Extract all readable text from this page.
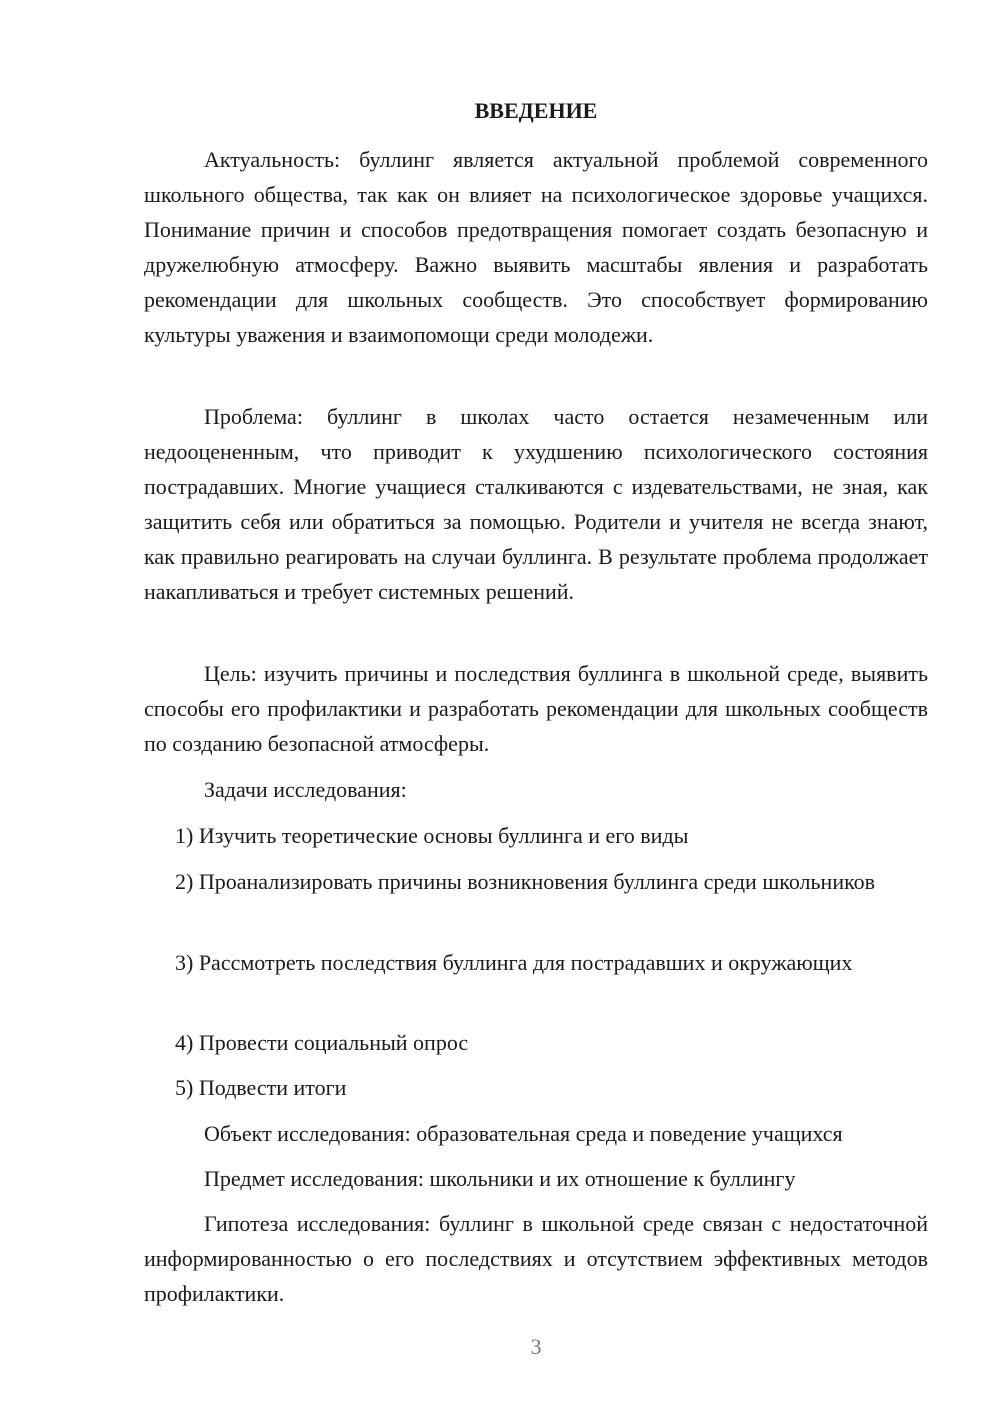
ВВЕДЕНИЕ

Актуальность: буллинг является актуальной проблемой современного школьного общества, так как он влияет на психологическое здоровье учащихся. Понимание причин и способов предотвращения помогает создать безопасную и дружелюбную атмосферу. Важно выявить масштабы явления и разработать рекомендации для школьных сообществ. Это способствует формированию культуры уважения и взаимопомощи среди молодежи.

Проблема: буллинг в школах часто остается незамеченным или недооцененным, что приводит к ухудшению психологического состояния пострадавших. Многие учащиеся сталкиваются с издевательствами, не зная, как защитить себя или обратиться за помощью. Родители и учителя не всегда знают, как правильно реагировать на случаи буллинга. В результате проблема продолжает накапливаться и требует системных решений.

Цель: изучить причины и последствия буллинга в школьной среде, выявить способы его профилактики и разработать рекомендации для школьных сообществ по созданию безопасной атмосферы.

Задачи исследования:

1) Изучить теоретические основы буллинга и его виды

2) Проанализировать причины возникновения буллинга среди школьников

3) Рассмотреть последствия буллинга для пострадавших и окружающих

4) Провести социальный опрос

5) Подвести итоги

Объект исследования: образовательная среда и поведение учащихся

Предмет исследования: школьники и их отношение к буллингу

Гипотеза исследования: буллинг в школьной среде связан с недостаточной информированностью о его последствиях и отсутствием эффективных методов профилактики.

3
